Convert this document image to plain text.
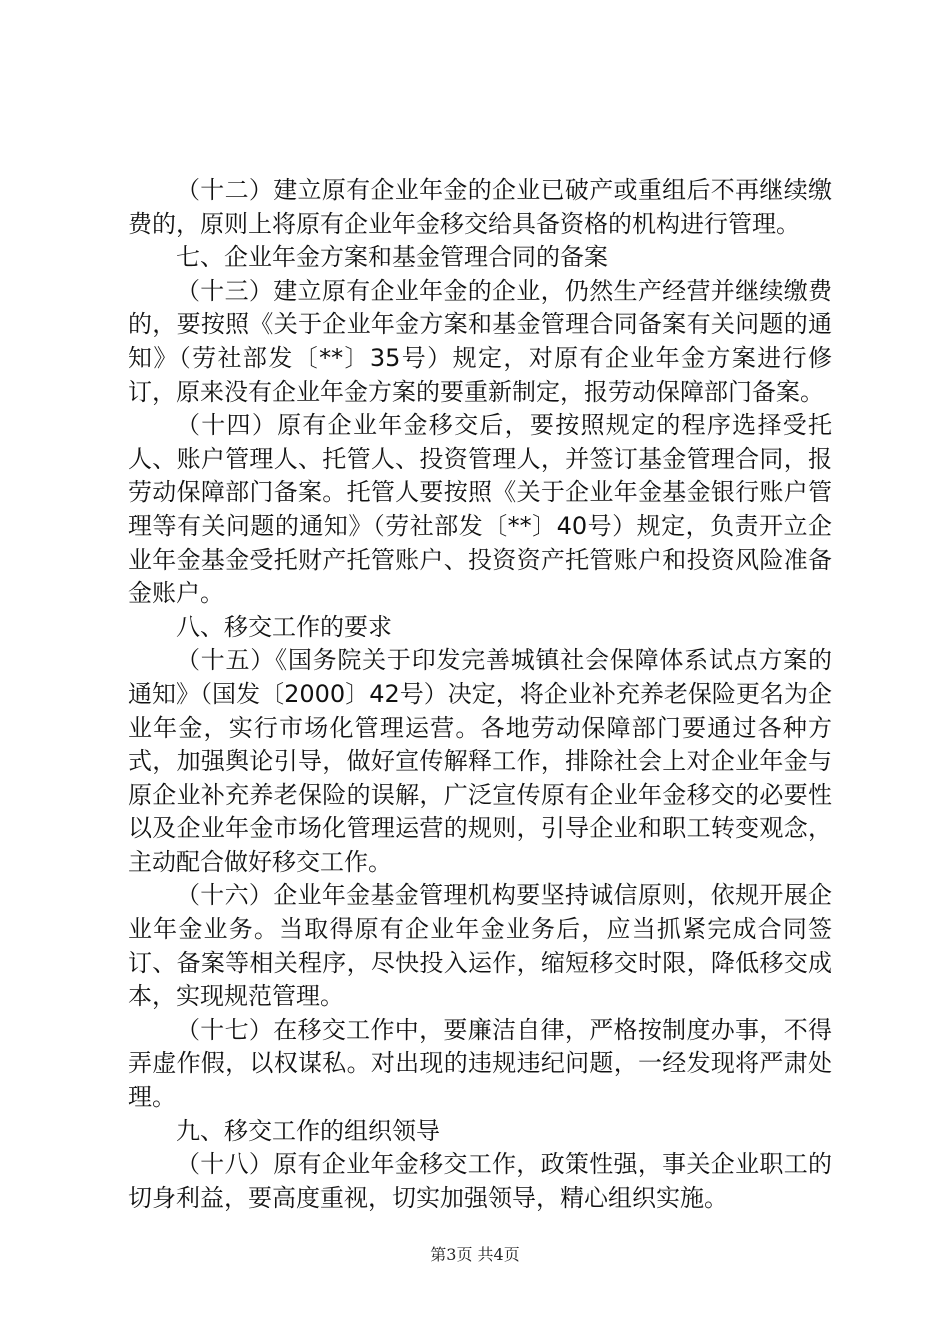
（十二）建立原有企业年金的企业已破产或重组后不再继续缴费的，原则上将原有企业年金移交给具备资格的机构进行管理。

七、企业年金方案和基金管理合同的备案

（十三）建立原有企业年金的企业，仍然生产经营并继续缴费的，要按照《关于企业年金方案和基金管理合同备案有关问题的通知》（劳社部发〔**〕35号）规定，对原有企业年金方案进行修订，原来没有企业年金方案的要重新制定，报劳动保障部门备案。

（十四）原有企业年金移交后，要按照规定的程序选择受托人、账户管理人、托管人、投资管理人，并签订基金管理合同，报劳动保障部门备案。托管人要按照《关于企业年金基金银行账户管理等有关问题的通知》（劳社部发〔**〕40号）规定，负责开立企业年金基金受托财产托管账户、投资资产托管账户和投资风险准备金账户。

八、移交工作的要求

（十五）《国务院关于印发完善城镇社会保障体系试点方案的通知》（国发〔2000〕42号）决定，将企业补充养老保险更名为企业年金，实行市场化管理运营。各地劳动保障部门要通过各种方式，加强舆论引导，做好宣传解释工作，排除社会上对企业年金与原企业补充养老保险的误解，广泛宣传原有企业年金移交的必要性以及企业年金市场化管理运营的规则，引导企业和职工转变观念，主动配合做好移交工作。

（十六）企业年金基金管理机构要坚持诚信原则，依规开展企业年金业务。当取得原有企业年金业务后，应当抓紧完成合同签订、备案等相关程序，尽快投入运作，缩短移交时限，降低移交成本，实现规范管理。

（十七）在移交工作中，要廉洁自律，严格按制度办事，不得弄虚作假，以权谋私。对出现的违规违纪问题，一经发现将严肃处理。

九、移交工作的组织领导

（十八）原有企业年金移交工作，政策性强，事关企业职工的切身利益，要高度重视，切实加强领导，精心组织实施。

第3页 共4页
